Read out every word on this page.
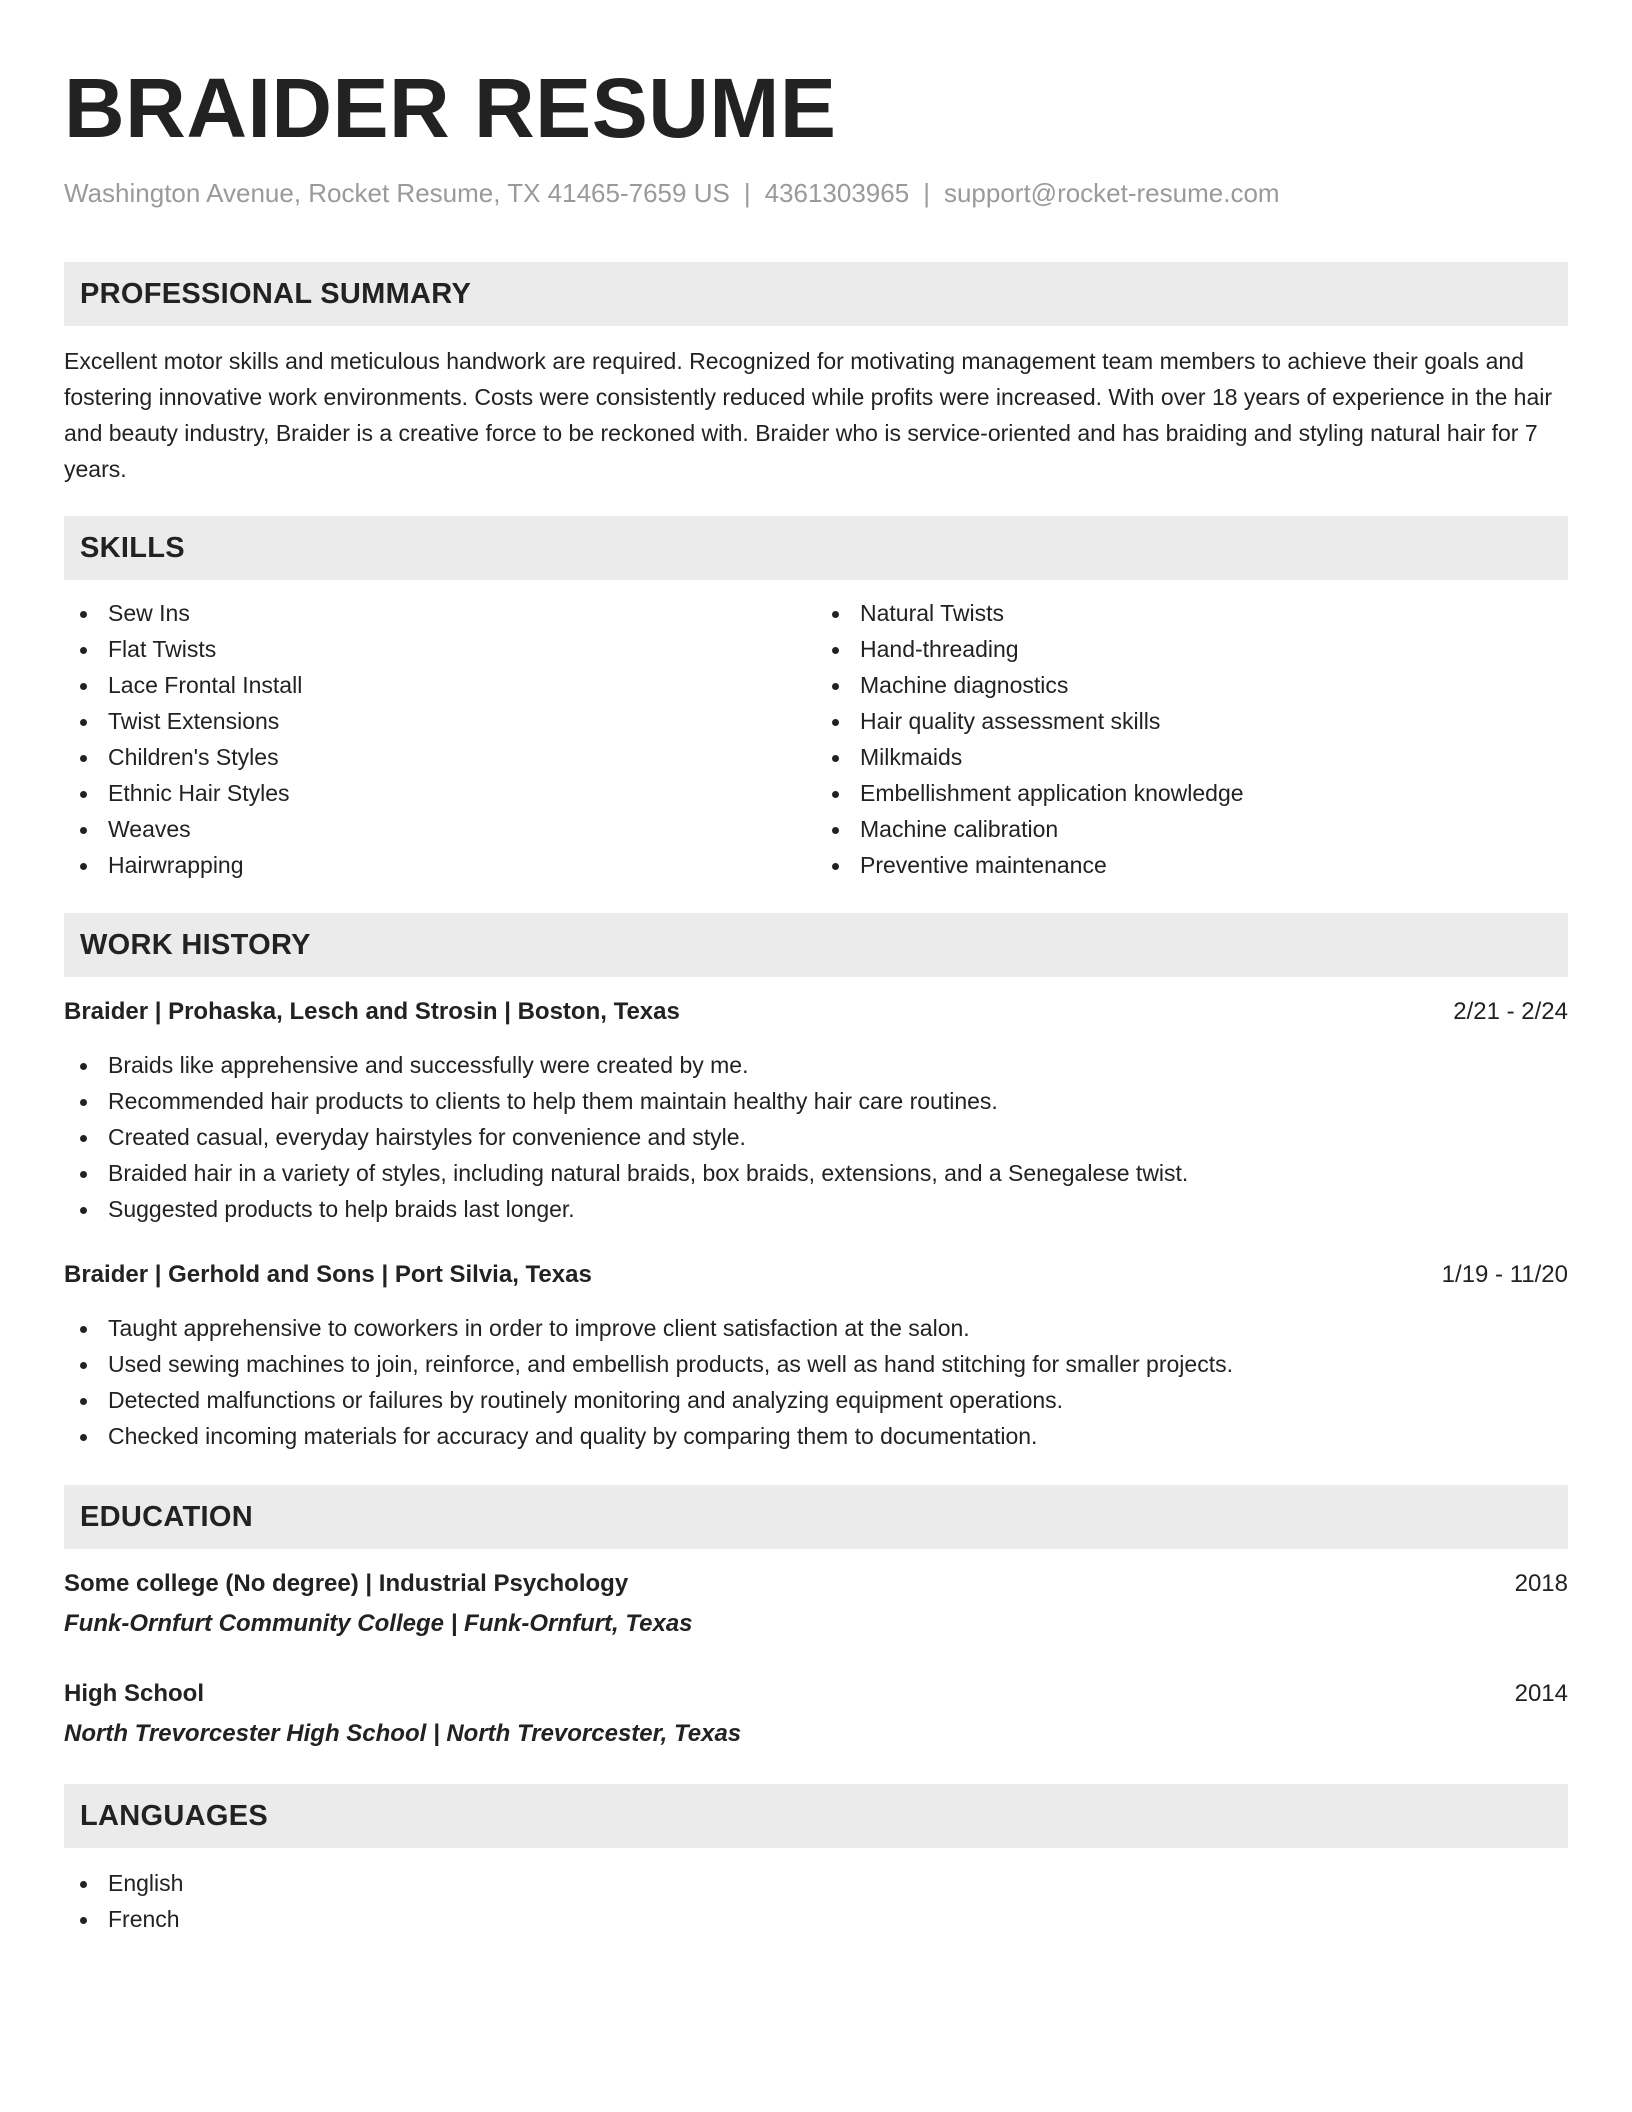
BRAIDER RESUME
Washington Avenue, Rocket Resume, TX 41465-7659 US | 4361303965 | support@rocket-resume.com
PROFESSIONAL SUMMARY

Excellent motor skills and meticulous handwork are required. Recognized for motivating management team members to achieve their goals and fostering innovative work environments. Costs were consistently reduced while profits were increased. With over 18 years of experience in the hair and beauty industry, Braider is a creative force to be reckoned with. Braider who is service-oriented and has braiding and styling natural hair for 7 years.

SKILLS
Sew Ins
Flat Twists
Lace Frontal Install
Twist Extensions
Children's Styles
Ethnic Hair Styles
Weaves
Hairwrapping
Natural Twists
Hand-threading
Machine diagnostics
Hair quality assessment skills
Milkmaids
Embellishment application knowledge
Machine calibration
Preventive maintenance
WORK HISTORY
Braider | Prohaska, Lesch and Strosin | Boston, Texas	2/21 - 2/24
Braids like apprehensive and successfully were created by me.
Recommended hair products to clients to help them maintain healthy hair care routines.
Created casual, everyday hairstyles for convenience and style.
Braided hair in a variety of styles, including natural braids, box braids, extensions, and a Senegalese twist.
Suggested products to help braids last longer.
Braider | Gerhold and Sons | Port Silvia, Texas	1/19 - 11/20
Taught apprehensive to coworkers in order to improve client satisfaction at the salon.
Used sewing machines to join, reinforce, and embellish products, as well as hand stitching for smaller projects.
Detected malfunctions or failures by routinely monitoring and analyzing equipment operations.
Checked incoming materials for accuracy and quality by comparing them to documentation.
EDUCATION
Some college (No degree) | Industrial Psychology	2018
Funk-Ornfurt Community College | Funk-Ornfurt, Texas
High School	2014
North Trevorcester High School | North Trevorcester, Texas
LANGUAGES
English
French
